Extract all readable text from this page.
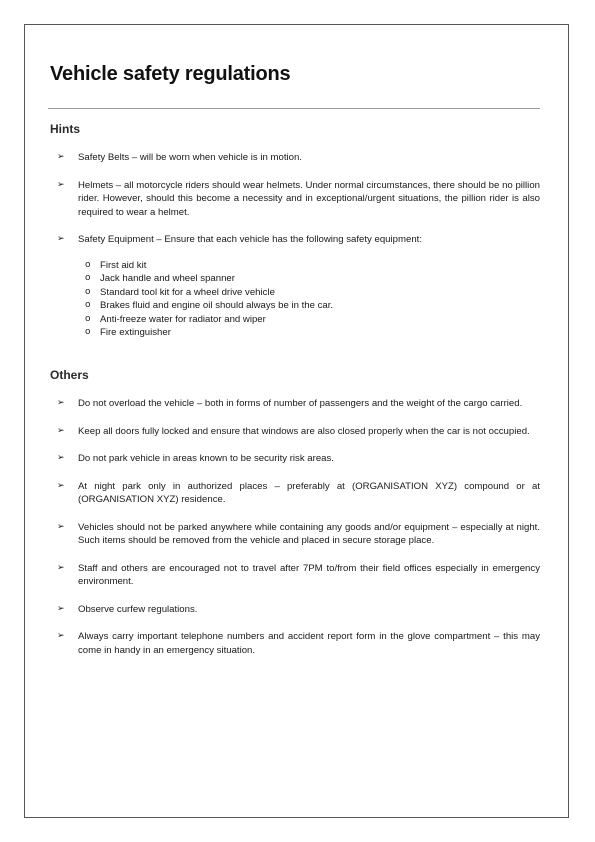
Vehicle safety regulations
Hints
➢ Safety Belts – will be worn when vehicle is in motion.
➢ Helmets – all motorcycle riders should wear helmets. Under normal circumstances, there should be no pillion rider. However, should this become a necessity and in exceptional/urgent situations, the pillion rider is also required to wear a helmet.
➢ Safety Equipment – Ensure that each vehicle has the following safety equipment:
o First aid kit
o Jack handle and wheel spanner
o Standard tool kit for a wheel drive vehicle
o Brakes fluid and engine oil should always be in the car.
o Anti-freeze water for radiator and wiper
o Fire extinguisher
Others
➢ Do not overload the vehicle – both in forms of number of passengers and the weight of the cargo carried.
➢ Keep all doors fully locked and ensure that windows are also closed properly when the car is not occupied.
➢ Do not park vehicle in areas known to be security risk areas.
➢ At night park only in authorized places – preferably at (ORGANISATION XYZ) compound or at (ORGANISATION XYZ) residence.
➢ Vehicles should not be parked anywhere while containing any goods and/or equipment – especially at night. Such items should be removed from the vehicle and placed in secure storage place.
➢ Staff and others are encouraged not to travel after 7PM to/from their field offices especially in emergency environment.
➢ Observe curfew regulations.
➢ Always carry important telephone numbers and accident report form in the glove compartment – this may come in handy in an emergency situation.
